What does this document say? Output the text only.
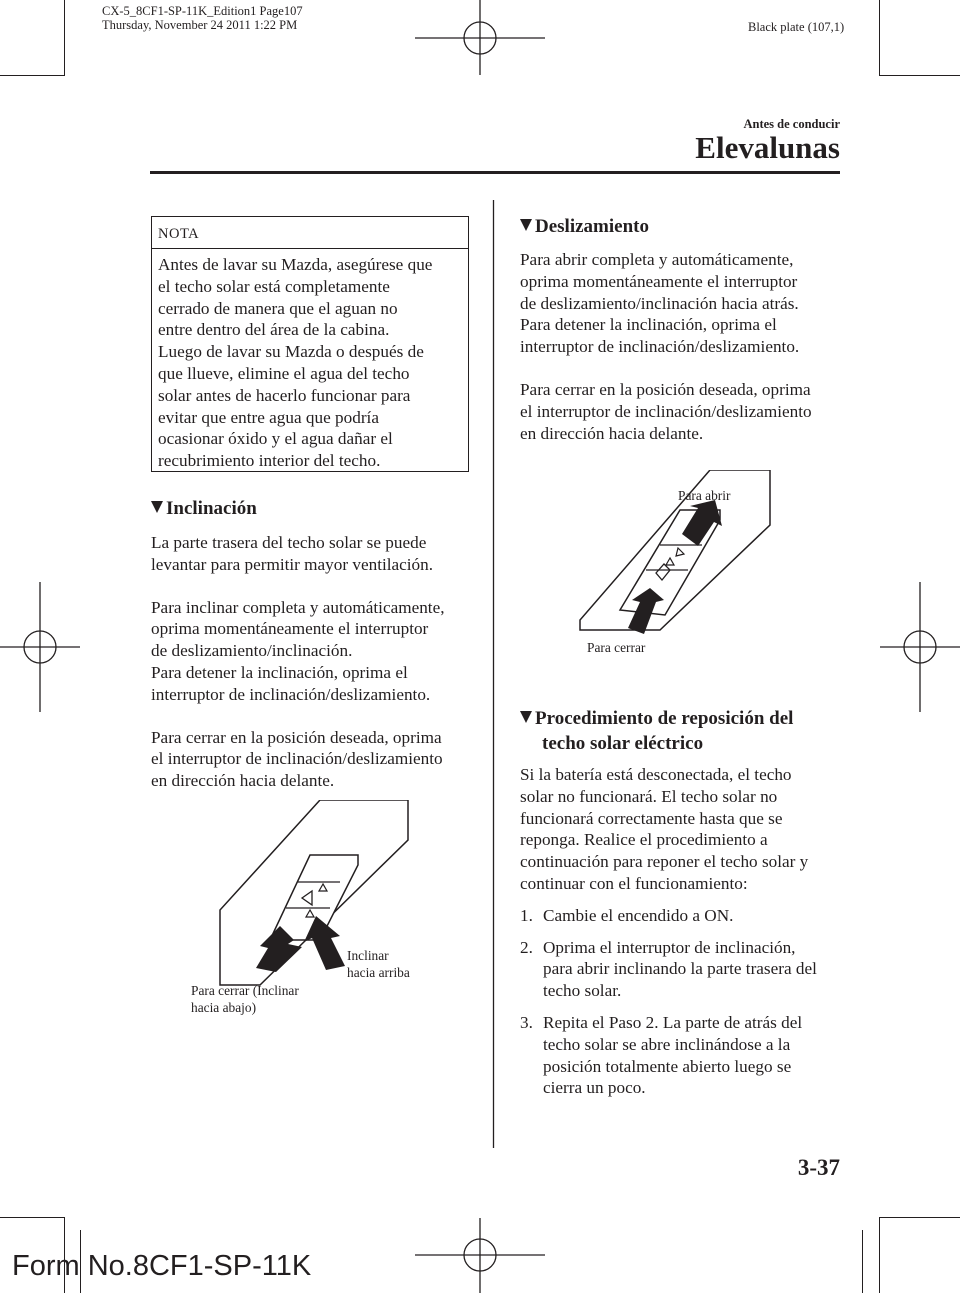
CX-5_8CF1-SP-11K_Edition1 Page107
Thursday, November 24 2011 1:22 PM	Black plate (107,1)
Antes de conducir
Elevalunas
NOTA

Antes de lavar su Mazda, asegúrese que

el techo solar está completamente

cerrado de manera que el aguan no

entre dentro del área de la cabina.

Luego de lavar su Mazda o después de

que llueve, elimine el agua del techo

solar antes de hacerlo funcionar para

evitar que entre agua que podría

ocasionar óxido y el agua dañar el

recubrimiento interior del techo.

Inclinación

La parte trasera del techo solar se puede

levantar para permitir mayor ventilación.

Para inclinar completa y automáticamente,

oprima momentáneamente el interruptor

de deslizamiento/inclinación.

Para detener la inclinación, oprima el

interruptor de inclinación/deslizamiento.

Para cerrar en la posición deseada, oprima

el interruptor de inclinación/deslizamiento

en dirección hacia delante.

Para cerrar (Inclinar
hacia abajo)
Inclinar
hacia arriba
Deslizamiento

Para abrir completa y automáticamente,

oprima momentáneamente el interruptor

de deslizamiento/inclinación hacia atrás.

Para detener la inclinación, oprima el

interruptor de inclinación/deslizamiento.

Para cerrar en la posición deseada, oprima

el interruptor de inclinación/deslizamiento

en dirección hacia delante.

Para abrir
Para cerrar
Procedimiento de reposición del
techo solar eléctrico

Si la batería está desconectada, el techo

solar no funcionará. El techo solar no

funcionará correctamente hasta que se

reponga. Realice el procedimiento a

continuación para reponer el techo solar y

continuar con el funcionamiento:

1. Cambie el encendido a ON.

2. Oprima el interruptor de inclinación,

para abrir inclinando la parte trasera del

techo solar.

3. Repita el Paso 2. La parte de atrás del

techo solar se abre inclinándose a la

posición totalmente abierto luego se

cierra un poco.

3-37
Form No.8CF1-SP-11K
